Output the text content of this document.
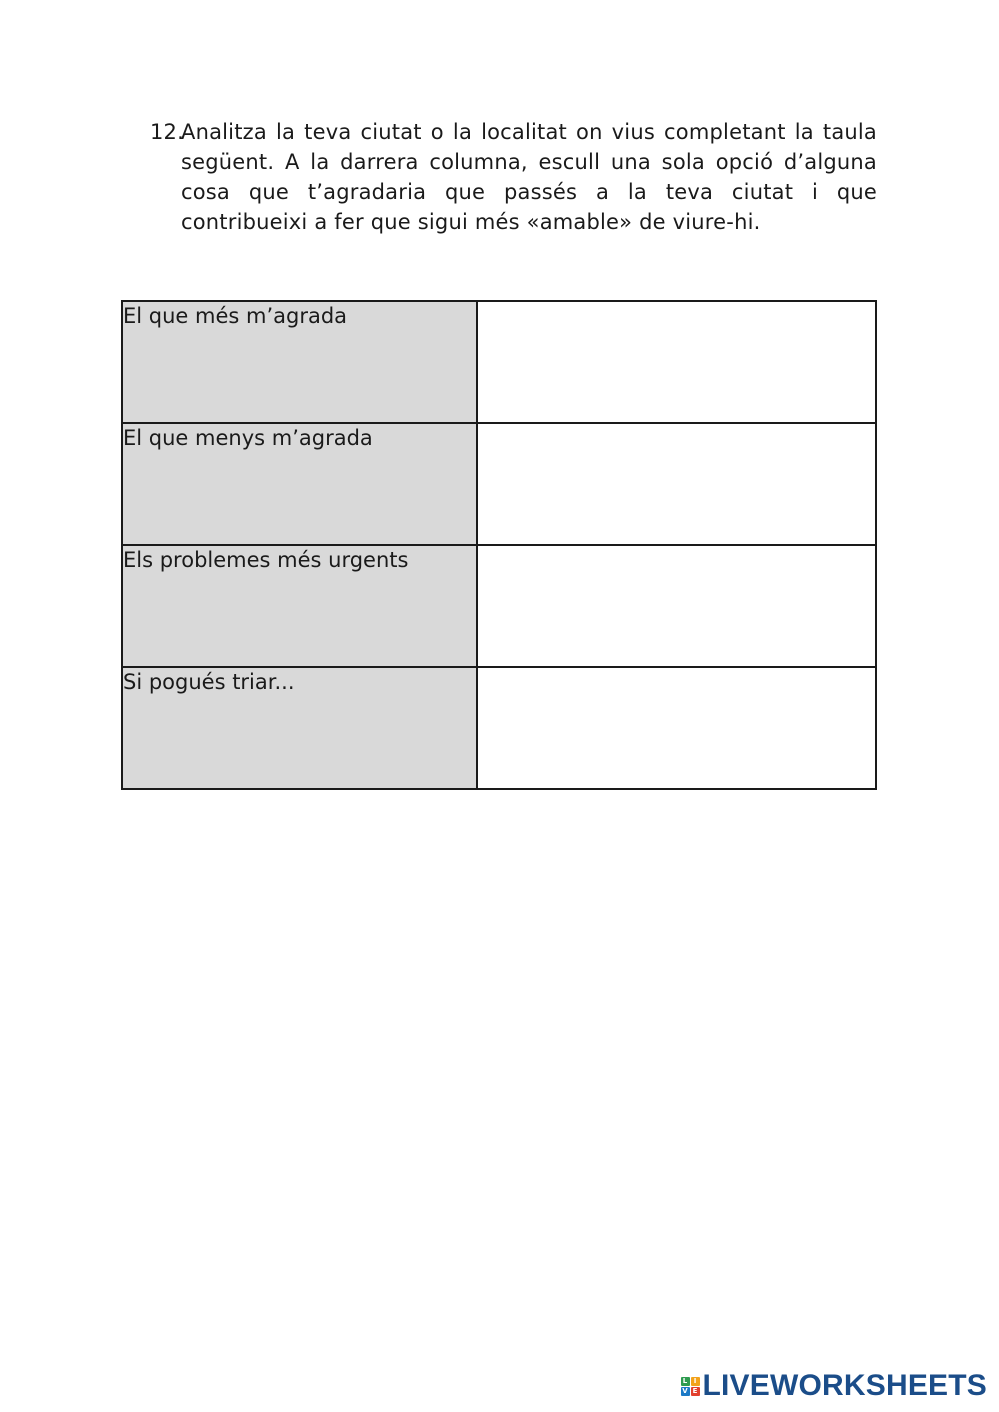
12.
Analitza la teva ciutat o la localitat on vius completant la taula següent. A la darrera columna, escull una sola opció d’alguna cosa que t’agradaria que passés a la teva ciutat i que contribueixi a fer que sigui més «amable» de viure-hi.
El que més m’agrada	
El que menys m’agrada	
Els problemes més urgents	
Si pogués triar...	
L I
V E LIVEWORKSHEETS
